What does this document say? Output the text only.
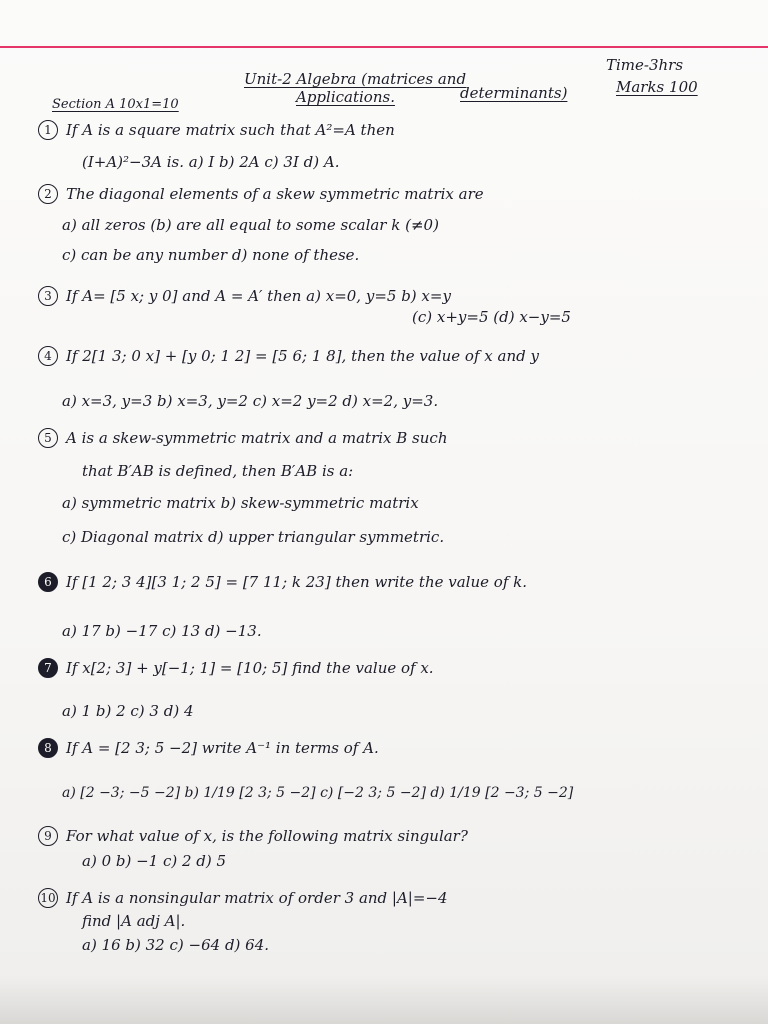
Unit-2 Algebra (matrices and
Applications.	determinants)
Time-3hrs
Marks 100
Section A 10x1=10
1 If A is a square matrix such that A²=A then
(I+A)²−3A is. a) I b) 2A c) 3I d) A.
2 The diagonal elements of a skew symmetric matrix are
a) all zeros (b) are all equal to some scalar k (≠0)
c) can be any number d) none of these.
3 If A= [5 x; y 0] and A = A′ then a) x=0, y=5 b) x=y
(c) x+y=5 (d) x−y=5
4 If 2[1 3; 0 x] + [y 0; 1 2] = [5 6; 1 8], then the value of x and y
a) x=3, y=3 b) x=3, y=2 c) x=2 y=2 d) x=2, y=3.
5 A is a skew-symmetric matrix and a matrix B such
that B′AB is defined, then B′AB is a:
a) symmetric matrix b) skew-symmetric matrix
c) Diagonal matrix d) upper triangular symmetric.
6 If [1 2; 3 4][3 1; 2 5] = [7 11; k 23] then write the value of k.
a) 17 b) −17 c) 13 d) −13.
7 If x[2; 3] + y[−1; 1] = [10; 5] find the value of x.
a) 1 b) 2 c) 3 d) 4
8 If A = [2 3; 5 −2] write A⁻¹ in terms of A.
a) [2 −3; −5 −2] b) 1/19 [2 3; 5 −2] c) [−2 3; 5 −2] d) 1/19 [2 −3; 5 −2]
9 For what value of x, is the following matrix singular?
a) 0 b) −1 c) 2 d) 5
10 If A is a nonsingular matrix of order 3 and |A|=−4
find |A adj A|.
a) 16 b) 32 c) −64 d) 64.
